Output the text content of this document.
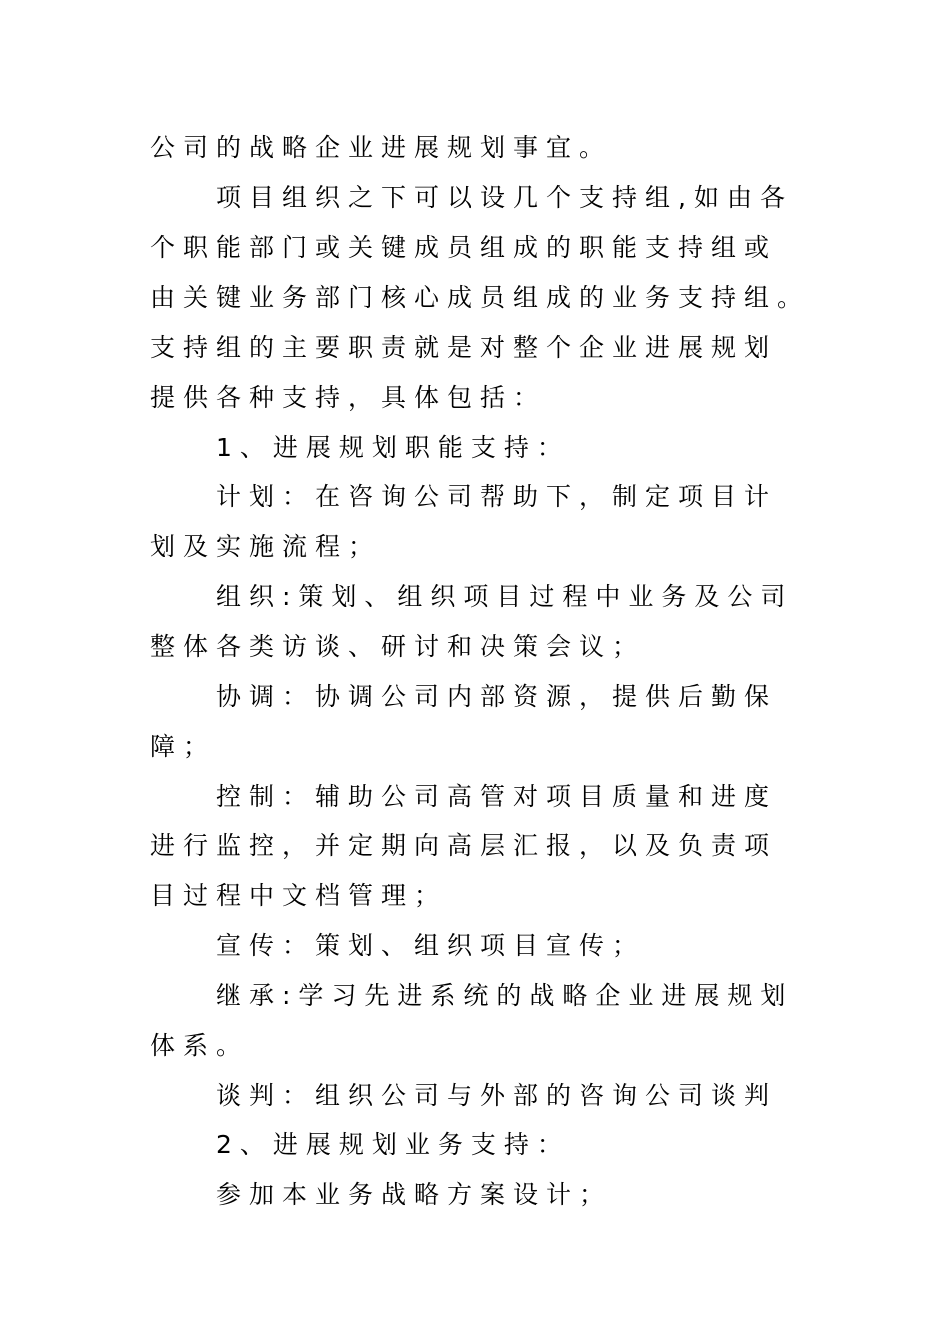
公司的战略企业进展规划事宜。
项目组织之下可以设几个支持组,如由各
个职能部门或关键成员组成的职能支持组或
由关键业务部门核心成员组成的业务支持组。
支持组的主要职责就是对整个企业进展规划
提供各种支持，具体包括：
1、进展规划职能支持：
计划：在咨询公司帮助下，制定项目计
划及实施流程；
组织:策划、组织项目过程中业务及公司
整体各类访谈、研讨和决策会议；
协调：协调公司内部资源，提供后勤保
障；
控制：辅助公司高管对项目质量和进度
进行监控，并定期向高层汇报，以及负责项
目过程中文档管理；
宣传：策划、组织项目宣传；
继承:学习先进系统的战略企业进展规划
体系。
谈判：组织公司与外部的咨询公司谈判
2、进展规划业务支持：
参加本业务战略方案设计；
